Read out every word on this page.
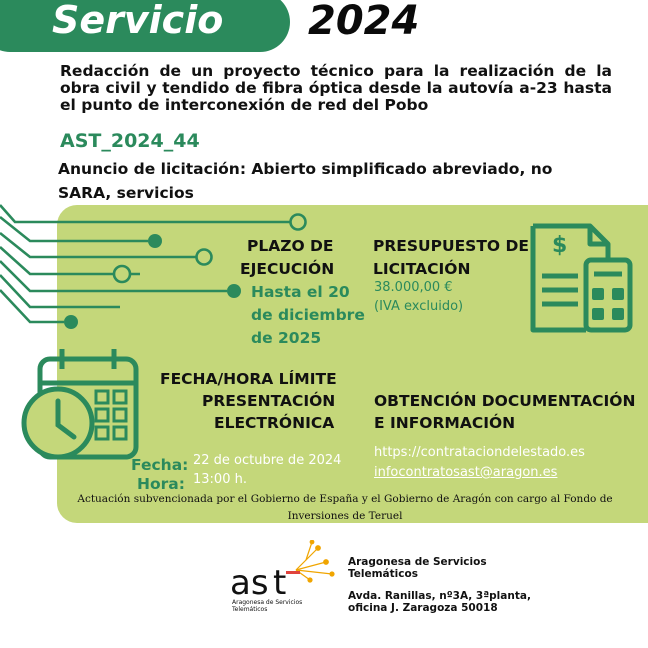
Servicio 2024
Redacción de un proyecto técnico para la realización de la obra civil y tendido de fibra óptica desde la autovía a-23 hasta el punto de interconexión de red del Pobo
AST_2024_44
Anuncio de licitación: Abierto simplificado abreviado, no SARA, servicios
PLAZO DE
EJECUCIÓN
Hasta el 20
de diciembre
de 2025
PRESUPUESTO DE
LICITACIÓN
38.000,00 €
(IVA excluido)
$
FECHA/HORA LÍMITE
PRESENTACIÓN
ELECTRÓNICA
Fecha: 22 de octubre de 2024
Hora: 13:00 h.
OBTENCIÓN DOCUMENTACIÓN
E INFORMACIÓN
https://contrataciondelestado.es
infocontratosast@aragon.es
Actuación subvencionada por el Gobierno de España y el Gobierno de Aragón con cargo al Fondo de Inversiones de Teruel
as t
Aragonesa de Servicios
Telemáticos
Aragonesa de Servicios
Telemáticos
Avda. Ranillas, nº3A, 3ªplanta,
oficina J. Zaragoza 50018
